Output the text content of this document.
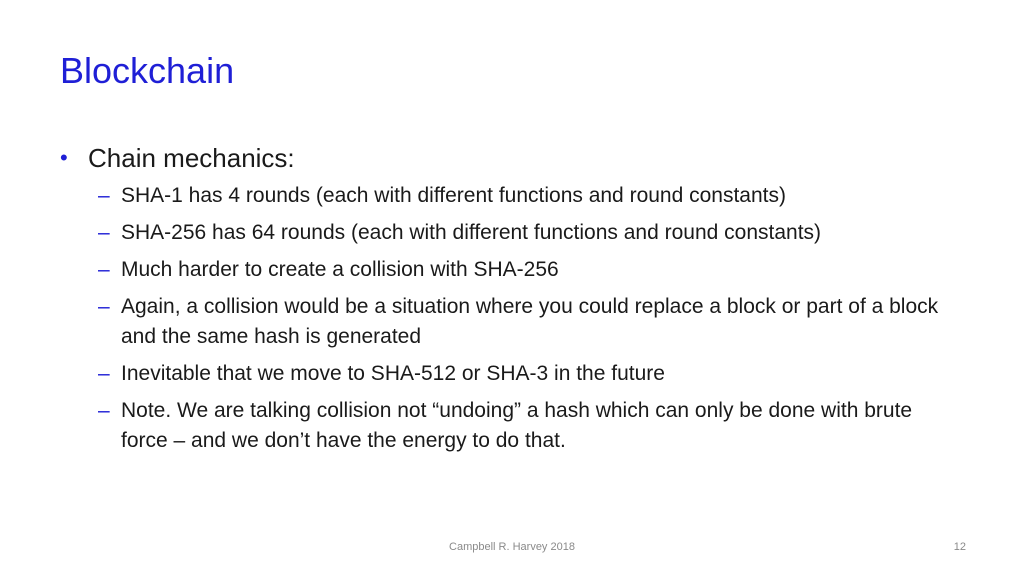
Blockchain
• Chain mechanics:
– SHA-1 has 4 rounds (each with different functions and round constants)
– SHA-256 has 64 rounds (each with different functions and round constants)
– Much harder to create a collision with SHA-256
– Again, a collision would be a situation where you could replace a block or part of a block and the same hash is generated
– Inevitable that we move to SHA-512 or SHA-3 in the future
– Note. We are talking collision not “undoing” a hash which can only be done with brute force – and we don’t have the energy to do that.
Campbell R. Harvey 2018	12
